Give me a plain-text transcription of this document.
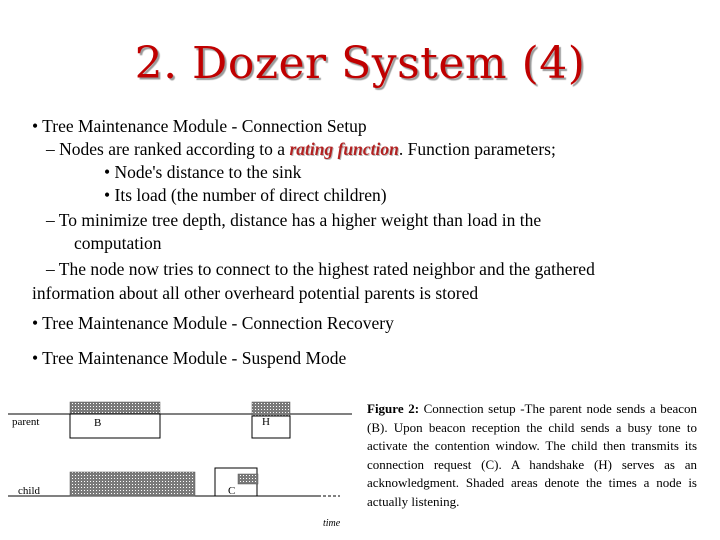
2. Dozer System (4)
• Tree Maintenance Module - Connection Setup
– Nodes are ranked according to a rating function. Function parameters;
• Node's distance to the sink
• Its load (the number of direct children)
– To minimize tree depth, distance has a higher weight than load in the
computation
– The node now tries to connect to the highest rated neighbor and the gathered
information about all other overheard potential parents is stored
• Tree Maintenance Module - Connection Recovery
• Tree Maintenance Module - Suspend Mode
parent	B	H
child	C
time
Figure 2: Connection setup -The parent node sends a beacon (B). Upon beacon reception the child sends a busy tone to activate the contention window. The child then transmits its connection request (C). A handshake (H) serves as an acknowledgment. Shaded areas denote the times a node is actually listening.
